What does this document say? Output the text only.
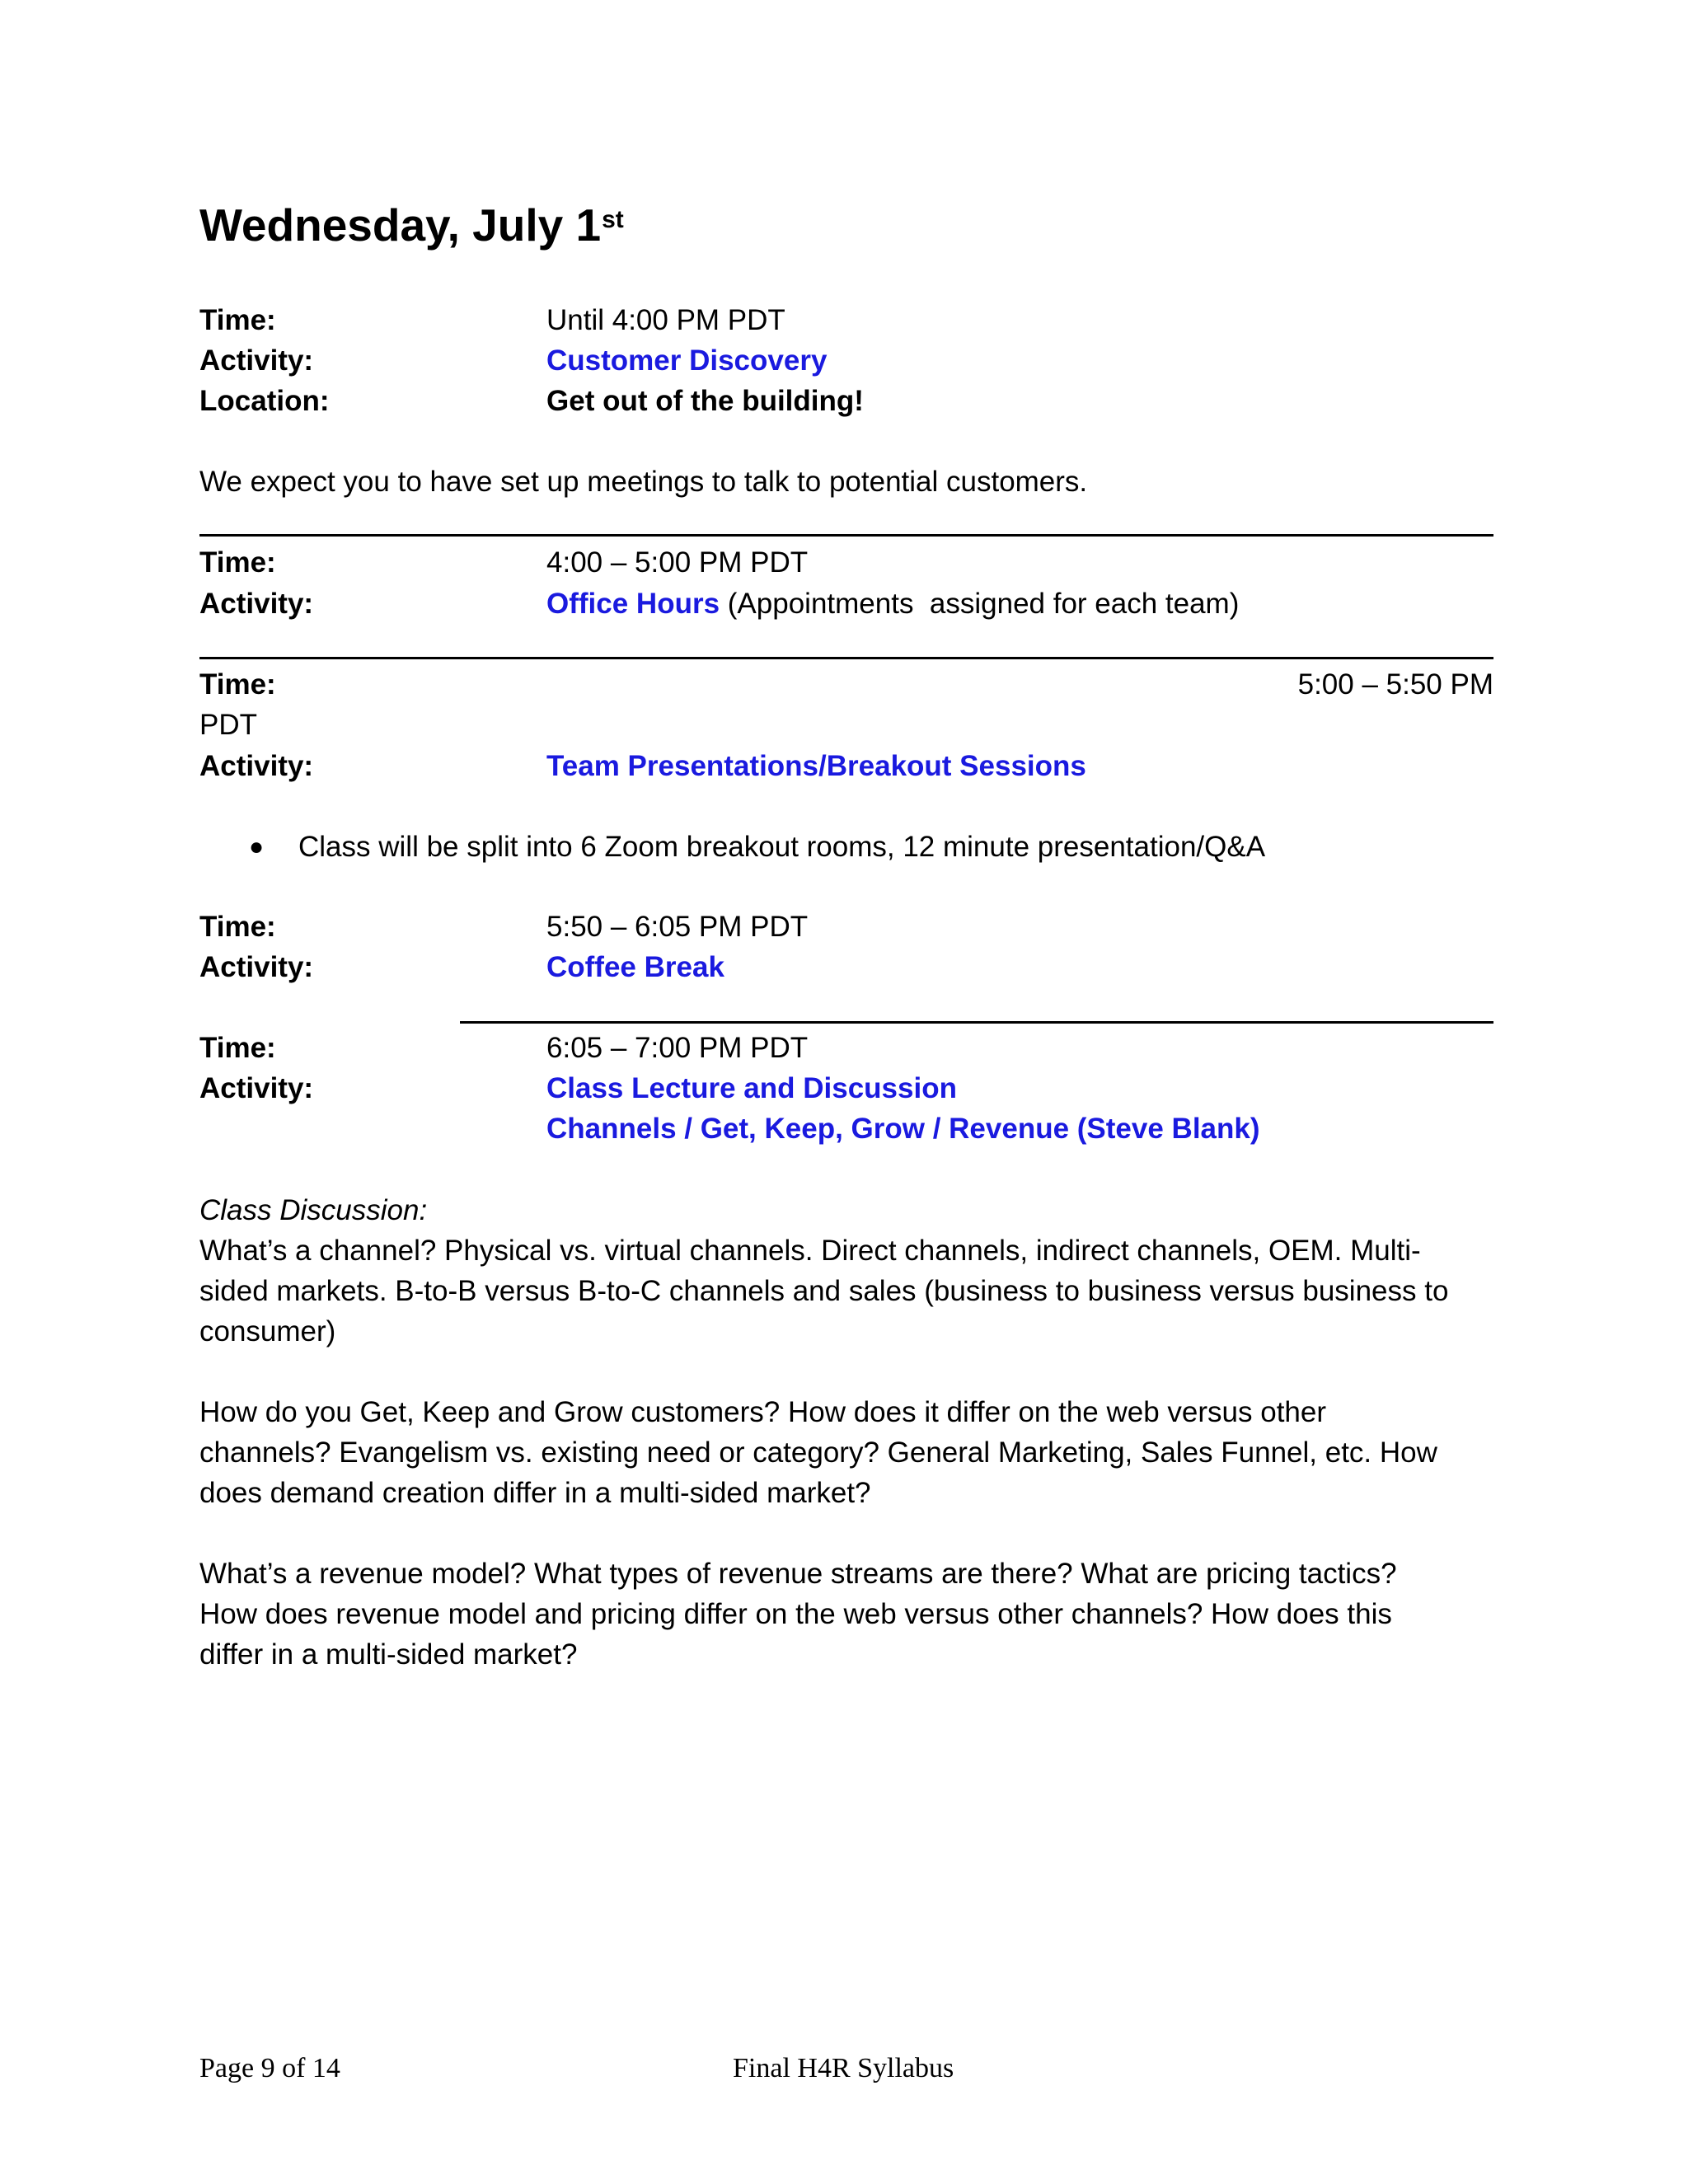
Wednesday, July 1st
Time:	Until 4:00 PM PDT
Activity:	Customer Discovery
Location:	Get out of the building!
We expect you to have set up meetings to talk to potential customers.
Time:	4:00 – 5:00 PM PDT
Activity:	Office Hours (Appointments  assigned for each team)
Time:	5:00 – 5:50 PM
PDT
Activity:	Team Presentations/Breakout Sessions
● Class will be split into 6 Zoom breakout rooms, 12 minute presentation/Q&A
Time:	5:50 – 6:05 PM PDT
Activity:	Coffee Break
Time:	6:05 – 7:00 PM PDT
Activity:	Class Lecture and Discussion
Channels / Get, Keep, Grow / Revenue (Steve Blank)
Class Discussion:
What’s a channel? Physical vs. virtual channels. Direct channels, indirect channels, OEM. Multi-
sided markets. B-to-B versus B-to-C channels and sales (business to business versus business to
consumer)
How do you Get, Keep and Grow customers? How does it differ on the web versus other
channels? Evangelism vs. existing need or category? General Marketing, Sales Funnel, etc. How
does demand creation differ in a multi-sided market?
What’s a revenue model? What types of revenue streams are there? What are pricing tactics?
How does revenue model and pricing differ on the web versus other channels? How does this
differ in a multi-sided market?
Page 9 of 14	Final H4R Syllabus
